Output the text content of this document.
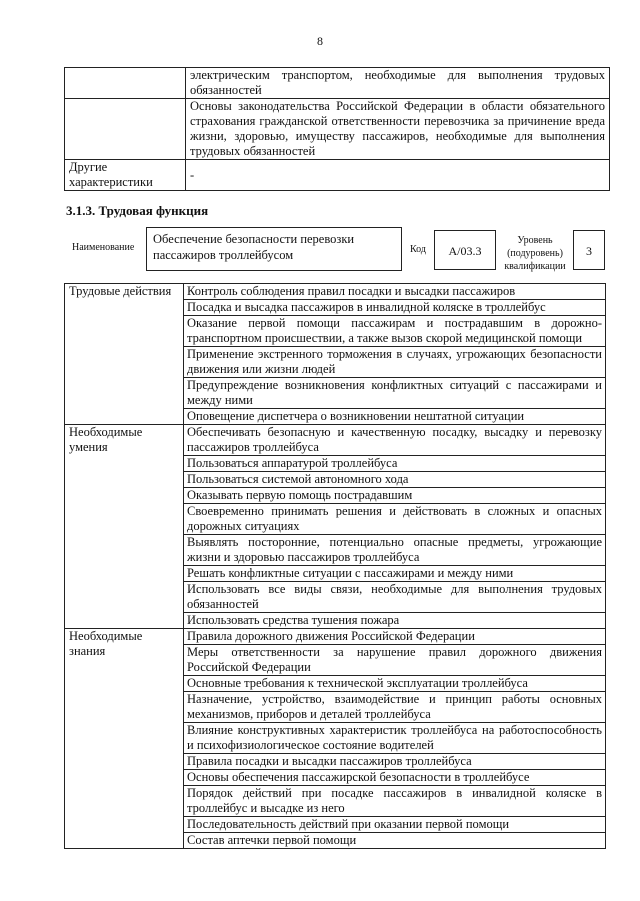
8
	электрическим транспортом, необходимые для выполнения трудовых обязанностей
	Основы законодательства Российской Федерации в области обязательного страхования гражданской ответственности перевозчика за причинение вреда жизни, здоровью, имуществу пассажиров, необходимые для выполнения трудовых обязанностей
Другие характеристики	-
3.1.3. Трудовая функция
Наименование
Обеспечение безопасности перевозки пассажиров троллейбусом	Код	A/03.3
Уровень (подуровень) квалификации
3
Трудовые действия	Контроль соблюдения правил посадки и высадки пассажиров
	Посадка и высадка пассажиров в инвалидной коляске в троллейбус
	Оказание первой помощи пассажирам и пострадавшим в дорожно-транспортном происшествии, а также вызов скорой медицинской помощи
	Применение экстренного торможения в случаях, угрожающих безопасности движения или жизни людей
	Предупреждение возникновения конфликтных ситуаций с пассажирами и между ними
	Оповещение диспетчера о возникновении нештатной ситуации
Необходимые умения	Обеспечивать безопасную и качественную посадку, высадку и перевозку пассажиров троллейбуса
	Пользоваться аппаратурой троллейбуса
	Пользоваться системой автономного хода
	Оказывать первую помощь пострадавшим
	Своевременно принимать решения и действовать в сложных и опасных дорожных ситуациях
	Выявлять посторонние, потенциально опасные предметы, угрожающие жизни и здоровью пассажиров троллейбуса
	Решать конфликтные ситуации с пассажирами и между ними
	Использовать все виды связи, необходимые для выполнения трудовых обязанностей
	Использовать средства тушения пожара
Необходимые знания	Правила дорожного движения Российской Федерации
	Меры ответственности за нарушение правил дорожного движения Российской Федерации
	Основные требования к технической эксплуатации троллейбуса
	Назначение, устройство, взаимодействие и принцип работы основных механизмов, приборов и деталей троллейбуса
	Влияние конструктивных характеристик троллейбуса на работоспособность и психофизиологическое состояние водителей
	Правила посадки и высадки пассажиров троллейбуса
	Основы обеспечения пассажирской безопасности в троллейбусе
	Порядок действий при посадке пассажиров в инвалидной коляске в троллейбус и высадке из него
	Последовательность действий при оказании первой помощи
	Состав аптечки первой помощи
